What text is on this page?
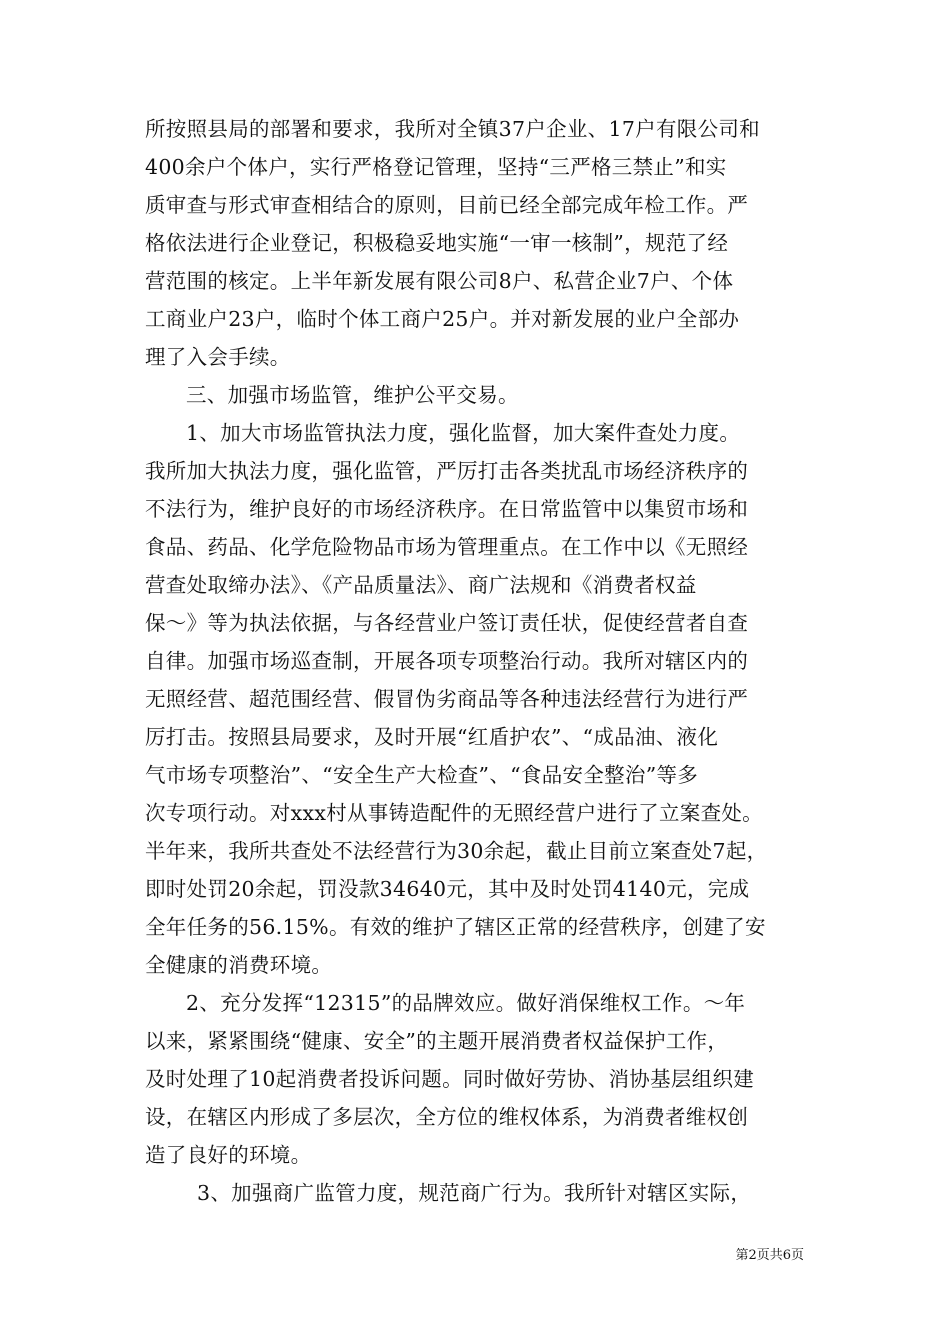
所按照县局的部署和要求，我所对全镇37户企业、17户有限公司和
400余户个体户，实行严格登记管理，坚持“三严格三禁止”和实
质审查与形式审查相结合的原则，目前已经全部完成年检工作。严
格依法进行企业登记，积极稳妥地实施“一审一核制”，规范了经
营范围的核定。上半年新发展有限公司8户、私营企业7户、个体
工商业户23户，临时个体工商户25户。并对新发展的业户全部办
理了入会手续。
三、加强市场监管，维护公平交易。
1、加大市场监管执法力度，强化监督，加大案件查处力度。
我所加大执法力度，强化监管，严厉打击各类扰乱市场经济秩序的
不法行为，维护良好的市场经济秩序。在日常监管中以集贸市场和
食品、药品、化学危险物品市场为管理重点。在工作中以《无照经
营查处取缔办法》、《产品质量法》、商广法规和《消费者权益
保～》等为执法依据，与各经营业户签订责任状，促使经营者自查
自律。加强市场巡查制，开展各项专项整治行动。我所对辖区内的
无照经营、超范围经营、假冒伪劣商品等各种违法经营行为进行严
厉打击。按照县局要求，及时开展“红盾护农”、“成品油、液化
气市场专项整治”、“安全生产大检查”、“食品安全整治”等多
次专项行动。对xxx村从事铸造配件的无照经营户进行了立案查处。
半年来，我所共查处不法经营行为30余起，截止目前立案查处7起，
即时处罚20余起，罚没款34640元，其中及时处罚4140元，完成
全年任务的56.15%。有效的维护了辖区正常的经营秩序，创建了安
全健康的消费环境。
2、充分发挥“12315”的品牌效应。做好消保维权工作。～年
以来，紧紧围绕“健康、安全”的主题开展消费者权益保护工作，
及时处理了10起消费者投诉问题。同时做好劳协、消协基层组织建
设，在辖区内形成了多层次，全方位的维权体系，为消费者维权创
造了良好的环境。
3、加强商广监管力度，规范商广行为。我所针对辖区实际，
第2页共6页
